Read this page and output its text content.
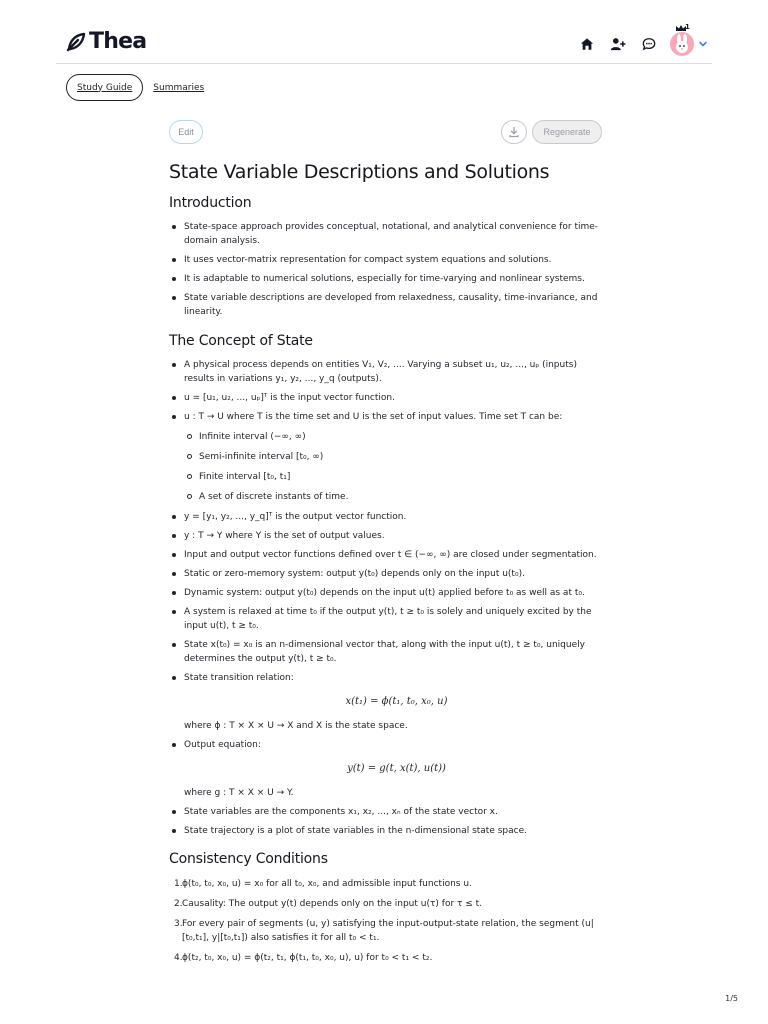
Thea
1
Study Guide	Summaries
Edit	Regenerate
State Variable Descriptions and Solutions
Introduction
State-space approach provides conceptual, notational, and analytical convenience for time-domain analysis.
It uses vector-matrix representation for compact system equations and solutions.
It is adaptable to numerical solutions, especially for time-varying and nonlinear systems.
State variable descriptions are developed from relaxedness, causality, time-invariance, and linearity.
The Concept of State
A physical process depends on entities V₁, V₂, .... Varying a subset u₁, u₂, ..., uₚ (inputs) results in variations y₁, y₂, ..., y_q (outputs).
u = [u₁, u₂, ..., uₚ]ᵀ is the input vector function.
u : T → U where T is the time set and U is the set of input values. Time set T can be:
Infinite interval (−∞, ∞)
Semi-infinite interval [t₀, ∞)
Finite interval [t₀, t₁]
A set of discrete instants of time.
y = [y₁, y₂, ..., y_q]ᵀ is the output vector function.
y : T → Y where Y is the set of output values.
Input and output vector functions defined over t ∈ (−∞, ∞) are closed under segmentation.
Static or zero-memory system: output y(t₀) depends only on the input u(t₀).
Dynamic system: output y(t₀) depends on the input u(t) applied before t₀ as well as at t₀.
A system is relaxed at time t₀ if the output y(t), t ≥ t₀ is solely and uniquely excited by the input u(t), t ≥ t₀.
State x(t₀) = x₀ is an n-dimensional vector that, along with the input u(t), t ≥ t₀, uniquely determines the output y(t), t ≥ t₀.
State transition relation:
x(t₁) = ϕ(t₁, t₀, x₀, u)
where ϕ : T × X × U → X and X is the state space.
Output equation:
y(t) = g(t, x(t), u(t))
where g : T × X × U → Y.
State variables are the components x₁, x₂, ..., xₙ of the state vector x.
State trajectory is a plot of state variables in the n-dimensional state space.
Consistency Conditions
1. ϕ(t₀, t₀, x₀, u) = x₀ for all t₀, x₀, and admissible input functions u.
2. Causality: The output y(t) depends only on the input u(τ) for τ ≤ t.
3. For every pair of segments (u, y) satisfying the input-output-state relation, the segment (u|[t₀,t₁], y|[t₀,t₁]) also satisfies it for all t₀ < t₁.
4. ϕ(t₂, t₀, x₀, u) = ϕ(t₂, t₁, ϕ(t₁, t₀, x₀, u), u) for t₀ < t₁ < t₂.
1/5
